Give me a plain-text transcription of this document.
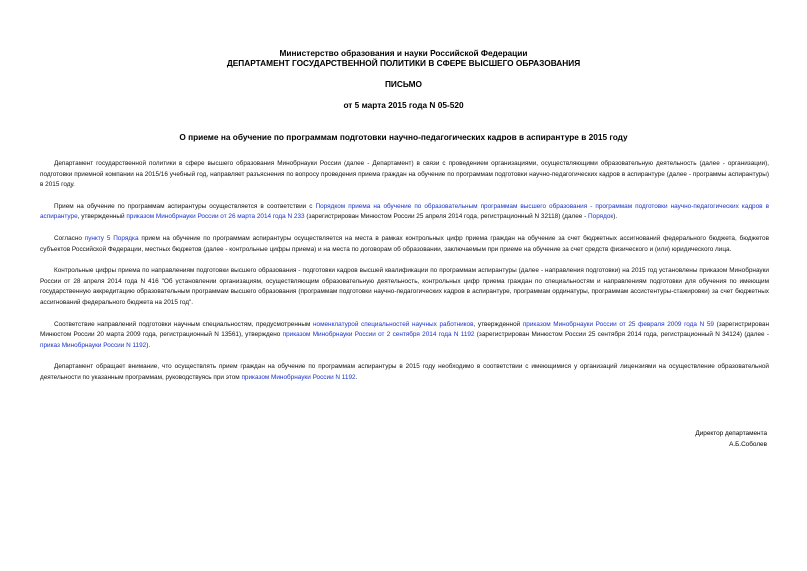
Министерство образования и науки Российской Федерации
ДЕПАРТАМЕНТ ГОСУДАРСТВЕННОЙ ПОЛИТИКИ В СФЕРЕ ВЫСШЕГО ОБРАЗОВАНИЯ
ПИСЬМО
от 5 марта 2015 года N 05-520
О приеме на обучение по программам подготовки научно-педагогических кадров в аспирантуре в 2015 году

Департамент государственной политики в сфере высшего образования Минобрнауки России (далее - Департамент) в связи с проведением организациями, осуществляющими образовательную деятельность (далее - организации), подготовки приемной компании на 2015/16 учебный год, направляет разъяснения по вопросу проведения приема граждан на обучение по программам подготовки научно-педагогических кадров в аспирантуре (далее - программы аспирантуры) в 2015 году.

Прием на обучение по программам аспирантуры осуществляется в соответствии с Порядком приема на обучение по образовательным программам высшего образования - программам подготовки научно-педагогических кадров в аспирантуре, утвержденный приказом Минобрнауки России от 26 марта 2014 года N 233 (зарегистрирован Минюстом России 25 апреля 2014 года, регистрационный N 32118) (далее - Порядок).

Согласно пункту 5 Порядка прием на обучение по программам аспирантуры осуществляется на места в рамках контрольных цифр приема граждан на обучение за счет бюджетных ассигнований федерального бюджета, бюджетов субъектов Российской Федерации, местных бюджетов (далее - контрольные цифры приема) и на места по договорам об образовании, заключаемым при приеме на обучение за счет средств физического и (или) юридического лица.

Контрольные цифры приема по направлениям подготовки высшего образования - подготовки кадров высшей квалификации по программам аспирантуры (далее - направления подготовки) на 2015 год установлены приказом Минобрнауки России от 28 апреля 2014 года N 416 "Об установлении организациям, осуществляющим образовательную деятельность, контрольных цифр приема граждан по специальностям и направлениям подготовки для обучения по имеющим государственную аккредитацию образовательным программам высшего образования (программам подготовки научно-педагогических кадров в аспирантуре, программам ординатуры, программам ассистентуры-стажировки) за счет бюджетных ассигнований федерального бюджета на 2015 год".

Соответствие направлений подготовки научным специальностям, предусмотренным номенклатурой специальностей научных работников, утвержденной приказом Минобрнауки России от 25 февраля 2009 года N 59 (зарегистрирован Минюстом России 20 марта 2009 года, регистрационный N 13561), утверждено приказом Минобрнауки России от 2 сентября 2014 года N 1192 (зарегистрирован Минюстом России 25 сентября 2014 года, регистрационный N 34124) (далее - приказ Минобрнауки России N 1192).

Департамент обращает внимание, что осуществлять прием граждан на обучение по программам аспирантуры в 2015 году необходимо в соответствии с имеющимися у организаций лицензиями на осуществление образовательной деятельности по указанным программам, руководствуясь при этом приказом Минобрнауки России N 1192.

Директор департамента
А.Б.Соболев
